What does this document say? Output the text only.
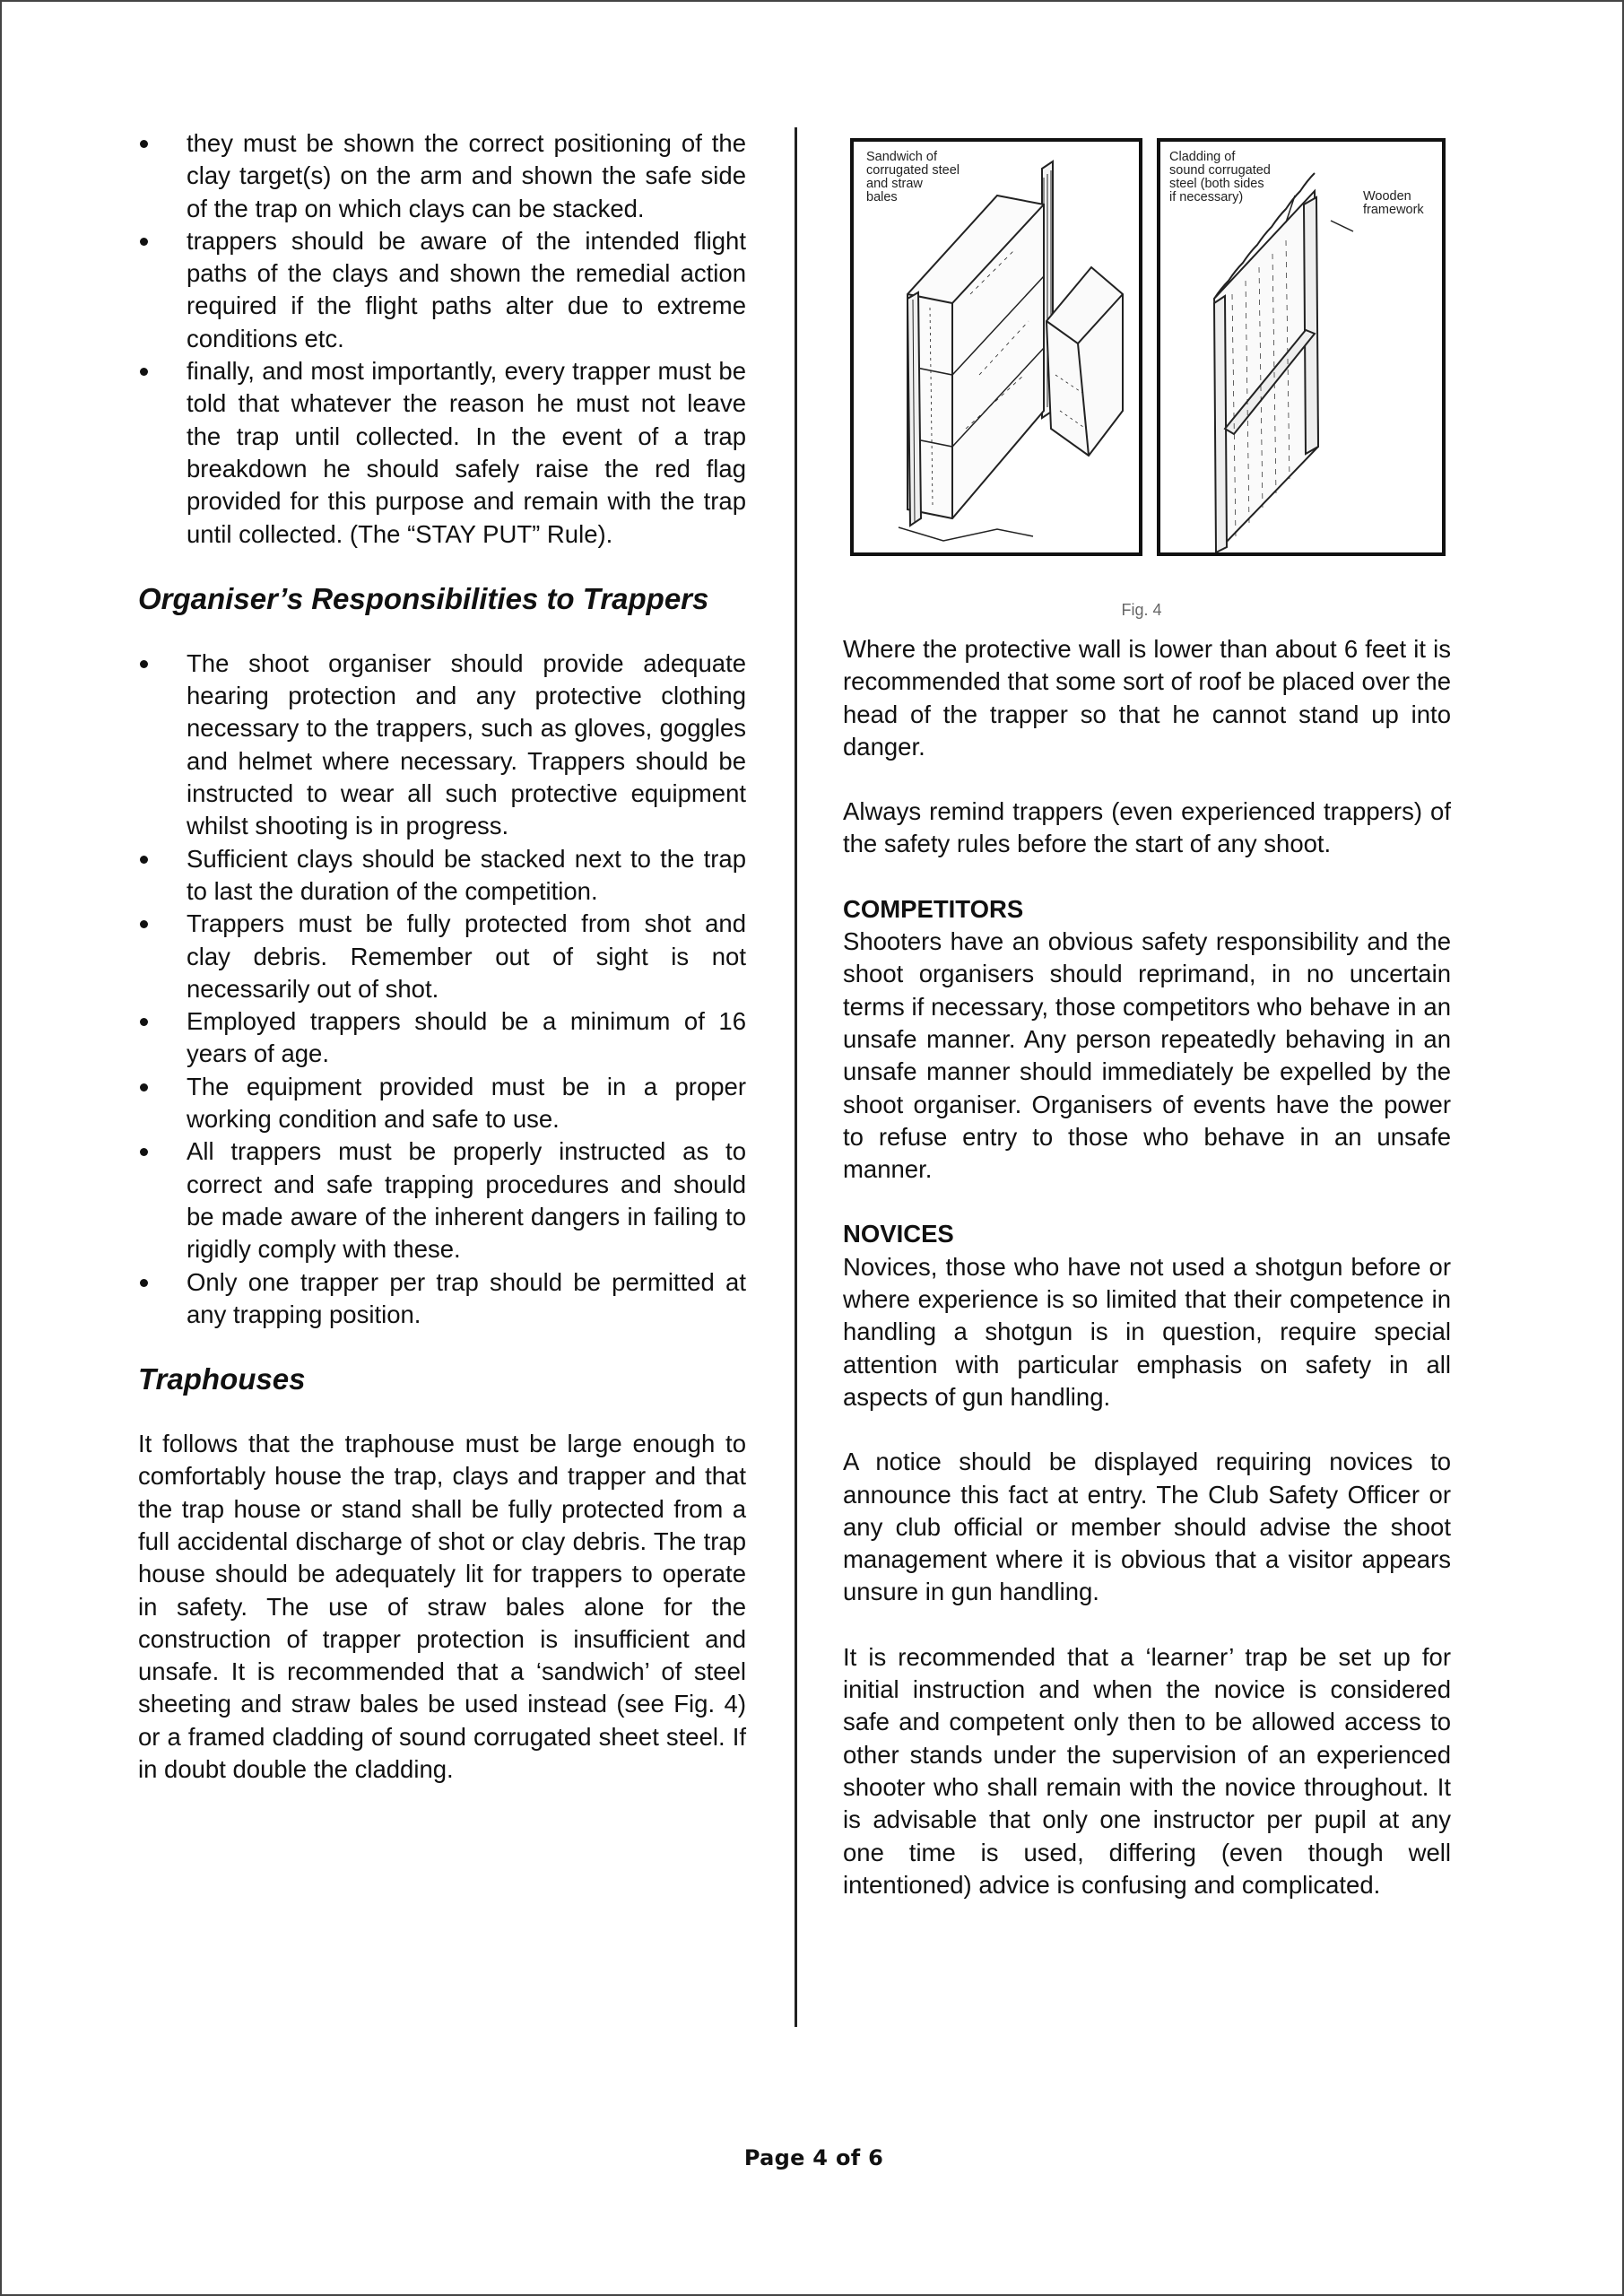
they must be shown the correct positioning of the clay target(s) on the arm and shown the safe side of the trap on which clays can be stacked.
trappers should be aware of the intended flight paths of the clays and shown the remedial action required if the flight paths alter due to extreme conditions etc.
finally, and most importantly, every trapper must be told that whatever the reason he must not leave the trap until collected. In the event of a trap breakdown he should safely raise the red flag provided for this purpose and remain with the trap until collected. (The “STAY PUT” Rule).
Organiser’s Responsibilities to Trappers
The shoot organiser should provide adequate hearing protection and any protective clothing necessary to the trappers, such as gloves, goggles and helmet where necessary. Trappers should be instructed to wear all such protective equipment whilst shooting is in progress.
Sufficient clays should be stacked next to the trap to last the duration of the competition.
Trappers must be fully protected from shot and clay debris. Remember out of sight is not necessarily out of shot.
Employed trappers should be a minimum of 16 years of age.
The equipment provided must be in a proper working condition and safe to use.
All trappers must be properly instructed as to correct and safe trapping procedures and should be made aware of the inherent dangers in failing to rigidly comply with these.
Only one trapper per trap should be permitted at any trapping position.
Traphouses

It follows that the traphouse must be large enough to comfortably house the trap, clays and trapper and that the trap house or stand shall be fully protected from a full accidental discharge of shot or clay debris. The trap house should be adequately lit for trappers to operate in safety. The use of straw bales alone for the construction of trapper protection is insufficient and unsafe. It is recommended that a ‘sandwich’ of steel sheeting and straw bales be used instead (see Fig. 4) or a framed cladding of sound corrugated sheet steel. If in doubt double the cladding.

Sandwich of
corrugated steel
and straw
bales
Cladding of
sound corrugated
steel (both sides
if necessary)	Wooden
framework
Fig. 4

Where the protective wall is lower than about 6 feet it is recommended that some sort of roof be placed over the head of the trapper so that he cannot stand up into danger.

Always remind trappers (even experienced trappers) of the safety rules before the start of any shoot.

COMPETITORS

Shooters have an obvious safety responsibility and the shoot organisers should reprimand, in no uncertain terms if necessary, those competitors who behave in an unsafe manner. Any person repeatedly behaving in an unsafe manner should immediately be expelled by the shoot organiser. Organisers of events have the power to refuse entry to those who behave in an unsafe manner.

NOVICES

Novices, those who have not used a shotgun before or where experience is so limited that their competence in handling a shotgun is in question, require special attention with particular emphasis on safety in all aspects of gun handling.

A notice should be displayed requiring novices to announce this fact at entry. The Club Safety Officer or any club official or member should advise the shoot management where it is obvious that a visitor appears unsure in gun handling.

It is recommended that a ‘learner’ trap be set up for initial instruction and when the novice is considered safe and competent only then to be allowed access to other stands under the supervision of an experienced shooter who shall remain with the novice throughout. It is advisable that only one instructor per pupil at any one time is used, differing (even though well intentioned) advice is confusing and complicated.

Page 4 of 6
